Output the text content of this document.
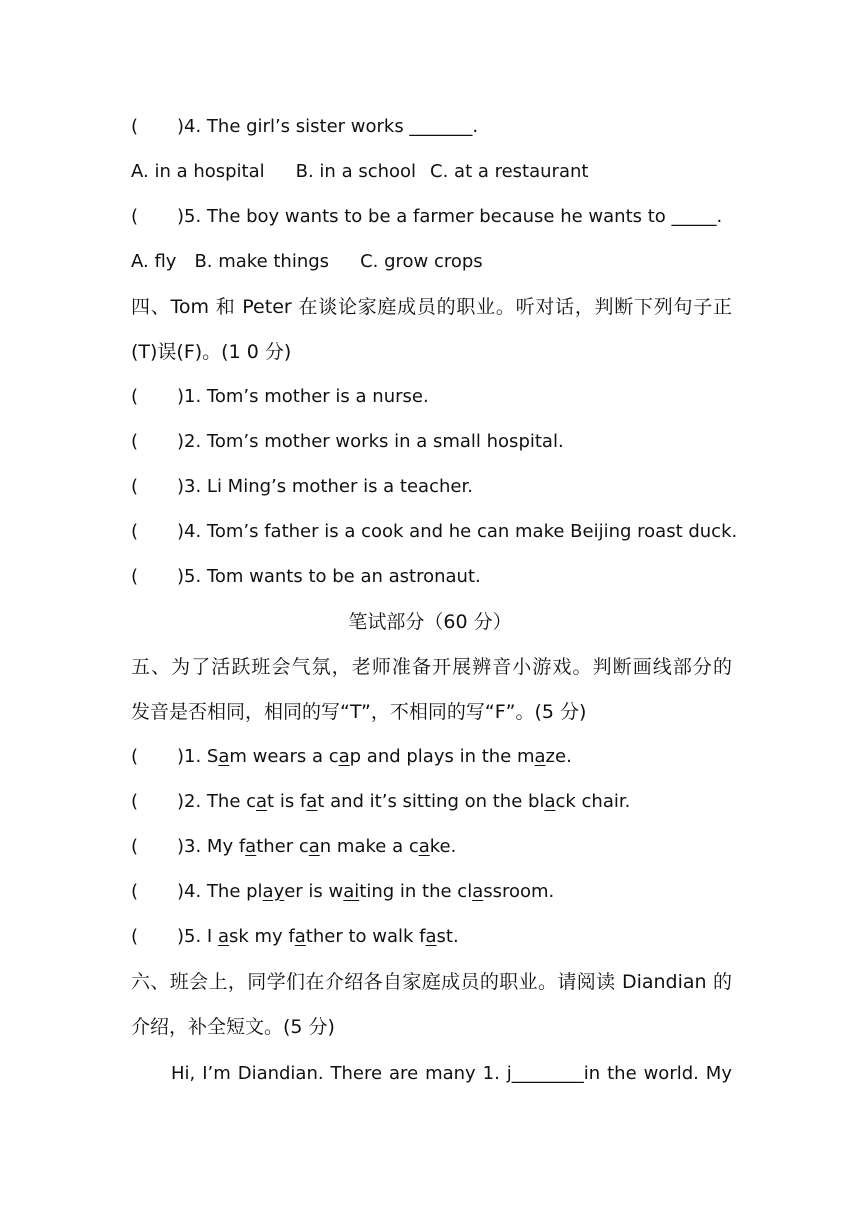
( )4. The girl’s sister works _______.
A. in a hospital B. in a school C. at a restaurant
( )5. The boy wants to be a farmer because he wants to _____.
A. fly B. make things C. grow crops
四、Tom 和 Peter 在谈论家庭成员的职业。听对话，判断下列句子正
(T)误(F)。(1 0 分)
( )1. Tom’s mother is a nurse.
( )2. Tom’s mother works in a small hospital.
( )3. Li Ming’s mother is a teacher.
( )4. Tom’s father is a cook and he can make Beijing roast duck.
( )5. Tom wants to be an astronaut.
笔试部分（60 分）
五、为了活跃班会气氛，老师准备开展辨音小游戏。判断画线部分的
发音是否相同，相同的写“T”，不相同的写“F”。(5 分)
( )1. Sam wears a cap and plays in the maze.
( )2. The cat is fat and it’s sitting on the black chair.
( )3. My father can make a cake.
( )4. The player is waiting in the classroom.
( )5. I ask my father to walk fast.
六、班会上，同学们在介绍各自家庭成员的职业。请阅读 Diandian 的
介绍，补全短文。(5 分)
Hi, I’m Diandian. There are many 1. j________in the world. My
